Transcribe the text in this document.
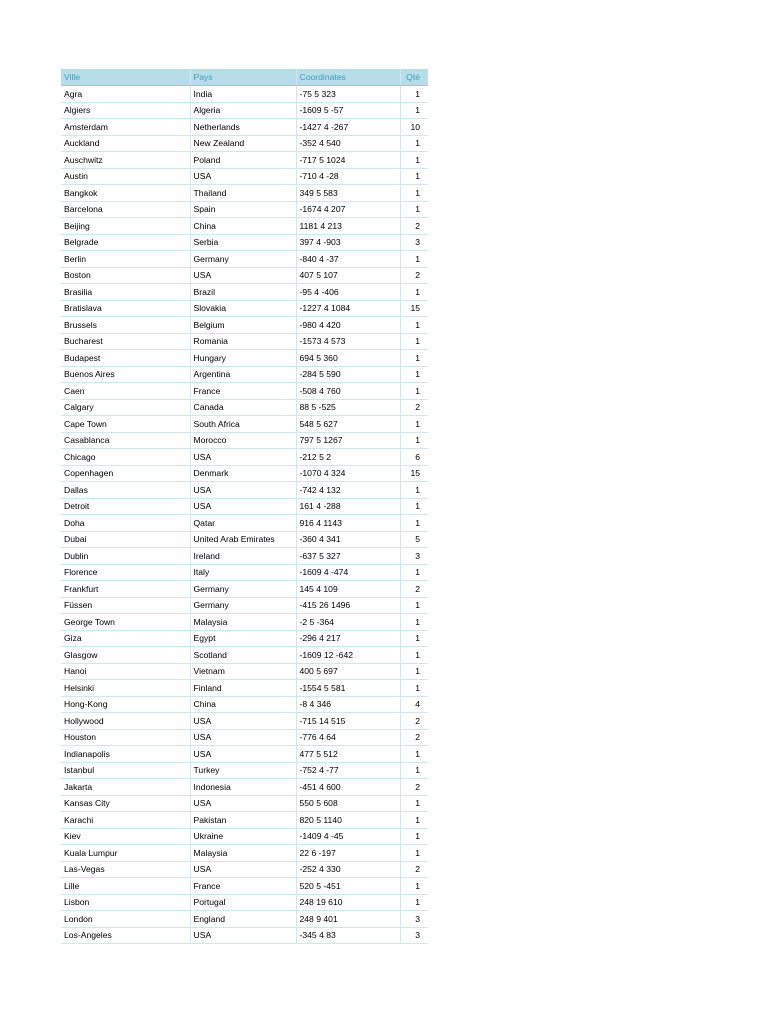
Ville	Pays	Coordinates	Qté
Agra	India	-75 5 323	1
Algiers	Algeria	-1609 5 -57	1
Amsterdam	Netherlands	-1427 4 -267	10
Auckland	New Zealand	-352 4 540	1
Auschwitz	Poland	-717 5 1024	1
Austin	USA	-710 4 -28	1
Bangkok	Thailand	349 5 583	1
Barcelona	Spain	-1674 4 207	1
Beijing	China	1181 4 213	2
Belgrade	Serbia	397 4 -903	3
Berlin	Germany	-840 4 -37	1
Boston	USA	407 5 107	2
Brasilia	Brazil	-95 4 -406	1
Bratislava	Slovakia	-1227 4 1084	15
Brussels	Belgium	-980 4 420	1
Bucharest	Romania	-1573 4 573	1
Budapest	Hungary	694 5 360	1
Buenos Aires	Argentina	-284 5 590	1
Caen	France	-508 4 760	1
Calgary	Canada	88 5 -525	2
Cape Town	South Africa	548 5 627	1
Casablanca	Morocco	797 5 1267	1
Chicago	USA	-212 5 2	6
Copenhagen	Denmark	-1070 4 324	15
Dallas	USA	-742 4 132	1
Detroit	USA	161 4 -288	1
Doha	Qatar	916 4 1143	1
Dubai	United Arab Emirates	-360 4 341	5
Dublin	Ireland	-637 5 327	3
Florence	Italy	-1609 4 -474	1
Frankfurt	Germany	145 4 109	2
Füssen	Germany	-415 26 1496	1
George Town	Malaysia	-2 5 -364	1
Giza	Egypt	-296 4 217	1
Glasgow	Scotland	-1609 12 -642	1
Hanoi	Vietnam	400 5 697	1
Helsinki	Finland	-1554 5 581	1
Hong-Kong	China	-8 4 346	4
Hollywood	USA	-715 14 515	2
Houston	USA	-776 4 64	2
Indianapolis	USA	477 5 512	1
Istanbul	Turkey	-752 4 -77	1
Jakarta	Indonesia	-451 4 600	2
Kansas City	USA	550 5 608	1
Karachi	Pakistan	820 5 1140	1
Kiev	Ukraine	-1409 4 -45	1
Kuala Lumpur	Malaysia	22 6 -197	1
Las-Vegas	USA	-252 4 330	2
Lille	France	520 5 -451	1
Lisbon	Portugal	248 19 610	1
London	England	248 9 401	3
Los-Angeles	USA	-345 4 83	3
